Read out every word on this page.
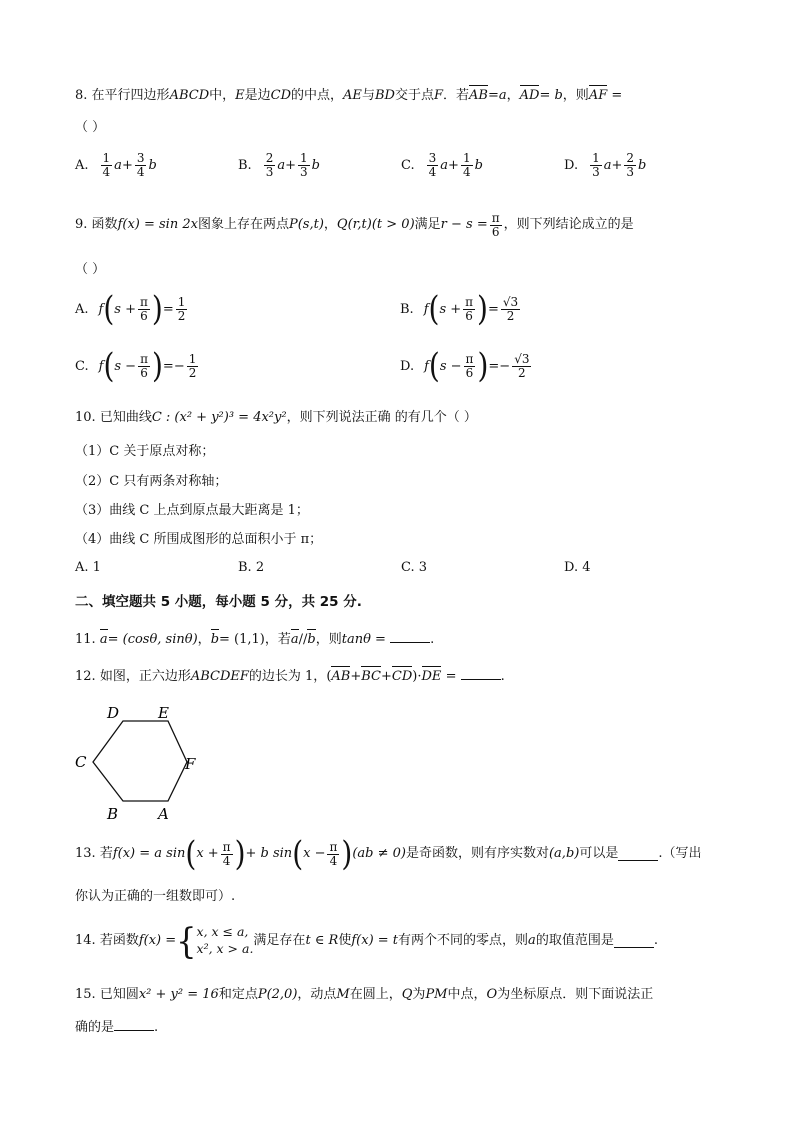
8. 在平行四边形ABCD中，E是边CD的中点，AE与BD交于点F．若AB=a，AD= b，则AF =
（ ）
A. $\frac{1}{4}$ $a + \frac{3}{4}$ b	B. $\frac{2}{3}$ $a + \frac{1}{3}$ b	C. $\frac{3}{4}$ $a + \frac{1}{4}$ b	D. $\frac{1}{3}$ $a + \frac{2}{3}$ b
9.
函数 f(x) = sin 2x 图象上存在两点 P(s,t) ， Q(r,t)(t > 0) 满足 $r - s = \frac{\pi}{6}$ ，则下列结论成立的是
（ ）
A. f ( $s + \frac{\pi}{6}$ ) = $\frac{1}{2}$	B. f ( $s + \frac{\pi}{6}$ ) = $\frac{√3}{2}$
C. f ( $s - \frac{\pi}{6}$ ) = − $\frac{1}{2}$	D. f ( $s - \frac{\pi}{6}$ ) = − $\frac{√3}{2}$
10. 已知曲线C : (x² + y²)³ = 4x²y²，则下列说法正确 的有几个（ ）
（1）C 关于原点对称；
（2）C 只有两条对称轴；
（3）曲线 C 上点到原点最大距离是 1；
（4）曲线 C 所围成图形的总面积小于 π；
A.
1	B.
2	C.
3	D.
4
二、填空题共 5 小题，每小题 5 分，共 25 分.
11. a= (cosθ, sinθ)，b= (1,1)，若a//b，则tanθ =	.
12. 如图，正六边形ABCDEF的边长为 1，(AB+BC+CD)·DE =	.
D	E
C	F
B	A
13.
若 f(x) = a sin ( $x + \frac{\pi}{4}$ ) + b sin ( $x - \frac{\pi}{4}$ ) (ab ≠ 0) 是奇函数，则有序实数对 (a,b) 可以是	.（写出
你认为正确的一组数即可）.
14.
若函数 f(x) = { x, x ≤ a,
x², x > a.
满足存在 t ∈ R 使 f(x) = t 有两个不同的零点，则 a 的取值范围是	.
15. 已知圆x² + y² = 16和定点P(2,0)，动点M在圆上，Q为PM中点，O为坐标原点．则下面说法正
确的是	.
